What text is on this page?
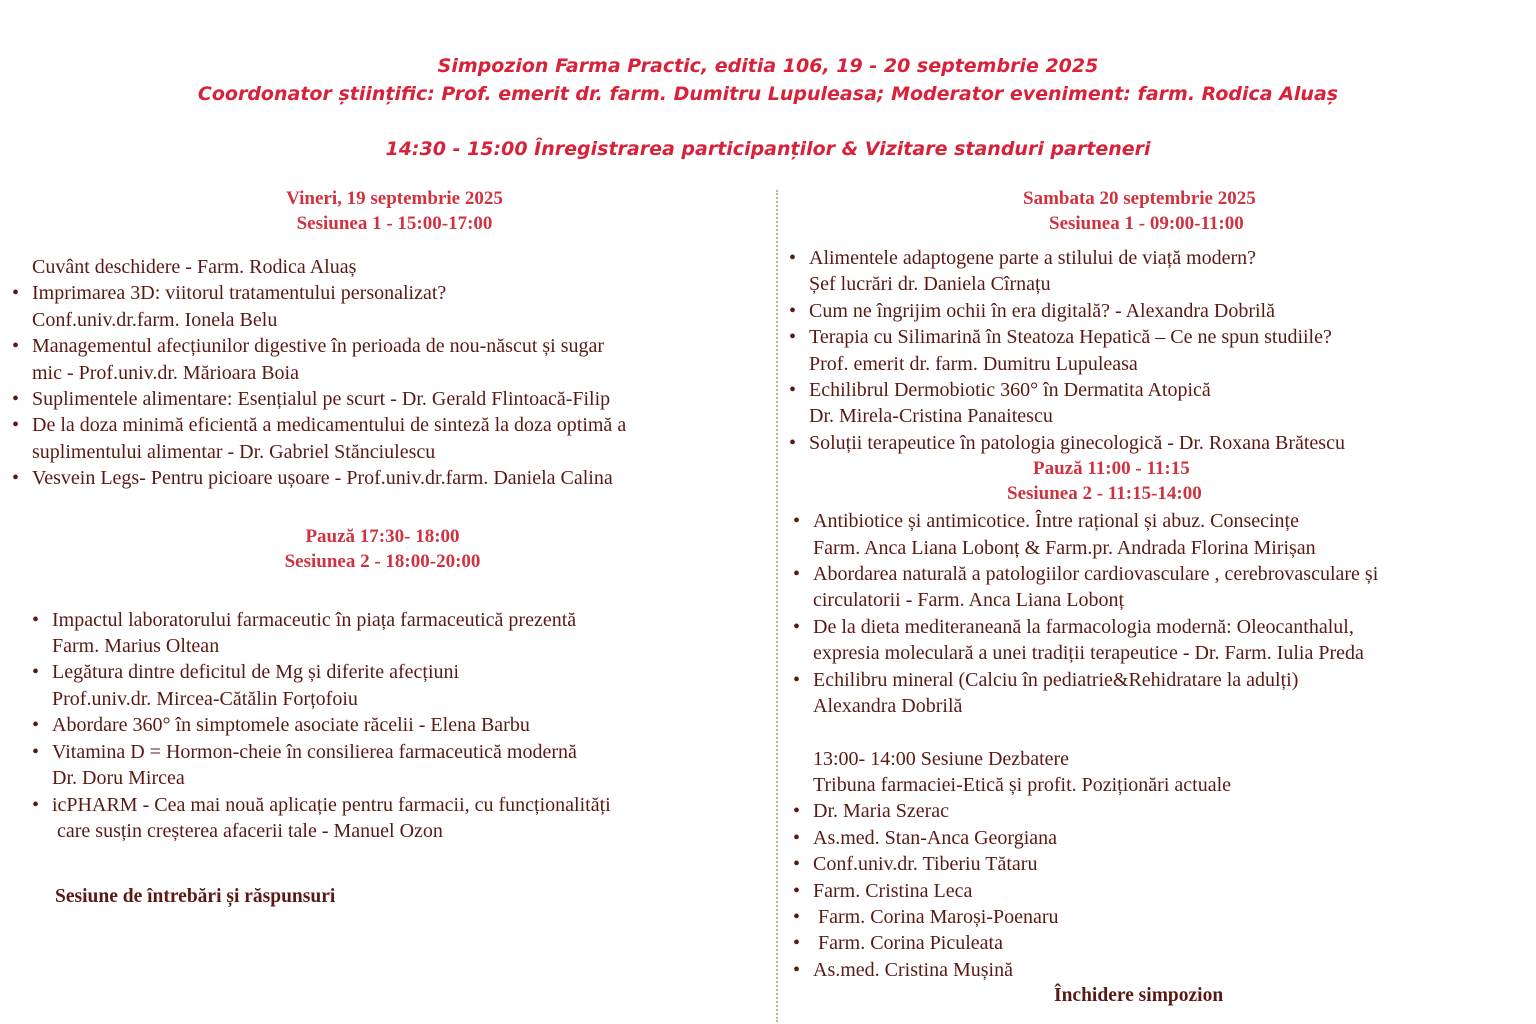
Simpozion Farma Practic, editia 106, 19 - 20 septembrie 2025
Coordonator științific: Prof. emerit dr. farm. Dumitru Lupuleasa; Moderator eveniment: farm. Rodica Aluaș
14:30 - 15:00 Înregistrarea participanților & Vizitare standuri parteneri

Vineri, 19 septembrie 2025

Sesiunea 1 - 15:00-17:00

Cuvânt deschidere - Farm. Rodica Aluaș
• Imprimarea 3D: viitorul tratamentului personalizat?
Conf.univ.dr.farm. Ionela Belu
• Managementul afecțiunilor digestive în perioada de nou-născut și sugar
mic - Prof.univ.dr. Mărioara Boia
• Suplimentele alimentare: Esențialul pe scurt - Dr. Gerald Flintoacă-Filip
• De la doza minimă eficientă a medicamentului de sinteză la doza optimă a
suplimentului alimentar - Dr. Gabriel Stănciulescu
• Vesvein Legs- Pentru picioare ușoare - Prof.univ.dr.farm. Daniela Calina

Pauză 17:30- 18:00

Sesiunea 2 - 18:00-20:00

• Impactul laboratorului farmaceutic în piața farmaceutică prezentă
Farm. Marius Oltean
• Legătura dintre deficitul de Mg și diferite afecțiuni
Prof.univ.dr. Mircea-Cătălin Forțofoiu
• Abordare 360° în simptomele asociate răcelii - Elena Barbu
• Vitamina D = Hormon-cheie în consilierea farmaceutică modernă
Dr. Doru Mircea
• icPHARM - Cea mai nouă aplicație pentru farmacii, cu funcționalități
care susțin creșterea afacerii tale - Manuel Ozon
Sesiune de întrebări și răspunsuri

Sambata 20 septembrie 2025

Sesiunea 1 - 09:00-11:00

• Alimentele adaptogene parte a stilului de viață modern?
Șef lucrări dr. Daniela Cîrnațu
• Cum ne îngrijim ochii în era digitală? - Alexandra Dobrilă
• Terapia cu Silimarină în Steatoza Hepatică – Ce ne spun studiile?
Prof. emerit dr. farm. Dumitru Lupuleasa
• Echilibrul Dermobiotic 360° în Dermatita Atopică
Dr. Mirela-Cristina Panaitescu
• Soluții terapeutice în patologia ginecologică - Dr. Roxana Brătescu

Pauză 11:00 - 11:15

Sesiunea 2 - 11:15-14:00

• Antibiotice și antimicotice. Între rațional și abuz. Consecințe
Farm. Anca Liana Lobonț & Farm.pr. Andrada Florina Mirișan
• Abordarea naturală a patologiilor cardiovasculare , cerebrovasculare și
circulatorii - Farm. Anca Liana Lobonț
• De la dieta mediteraneană la farmacologia modernă: Oleocanthalul,
expresia moleculară a unei tradiții terapeutice - Dr. Farm. Iulia Preda
• Echilibru mineral (Calciu în pediatrie&Rehidratare la adulți)
Alexandra Dobrilă
13:00- 14:00 Sesiune Dezbatere
Tribuna farmaciei-Etică și profit. Poziționări actuale
• Dr. Maria Szerac
• As.med. Stan-Anca Georgiana
• Conf.univ.dr. Tiberiu Tătaru
• Farm. Cristina Leca
•  Farm. Corina Maroși-Poenaru
•  Farm. Corina Piculeata
• As.med. Cristina Mușină
Închidere simpozion
